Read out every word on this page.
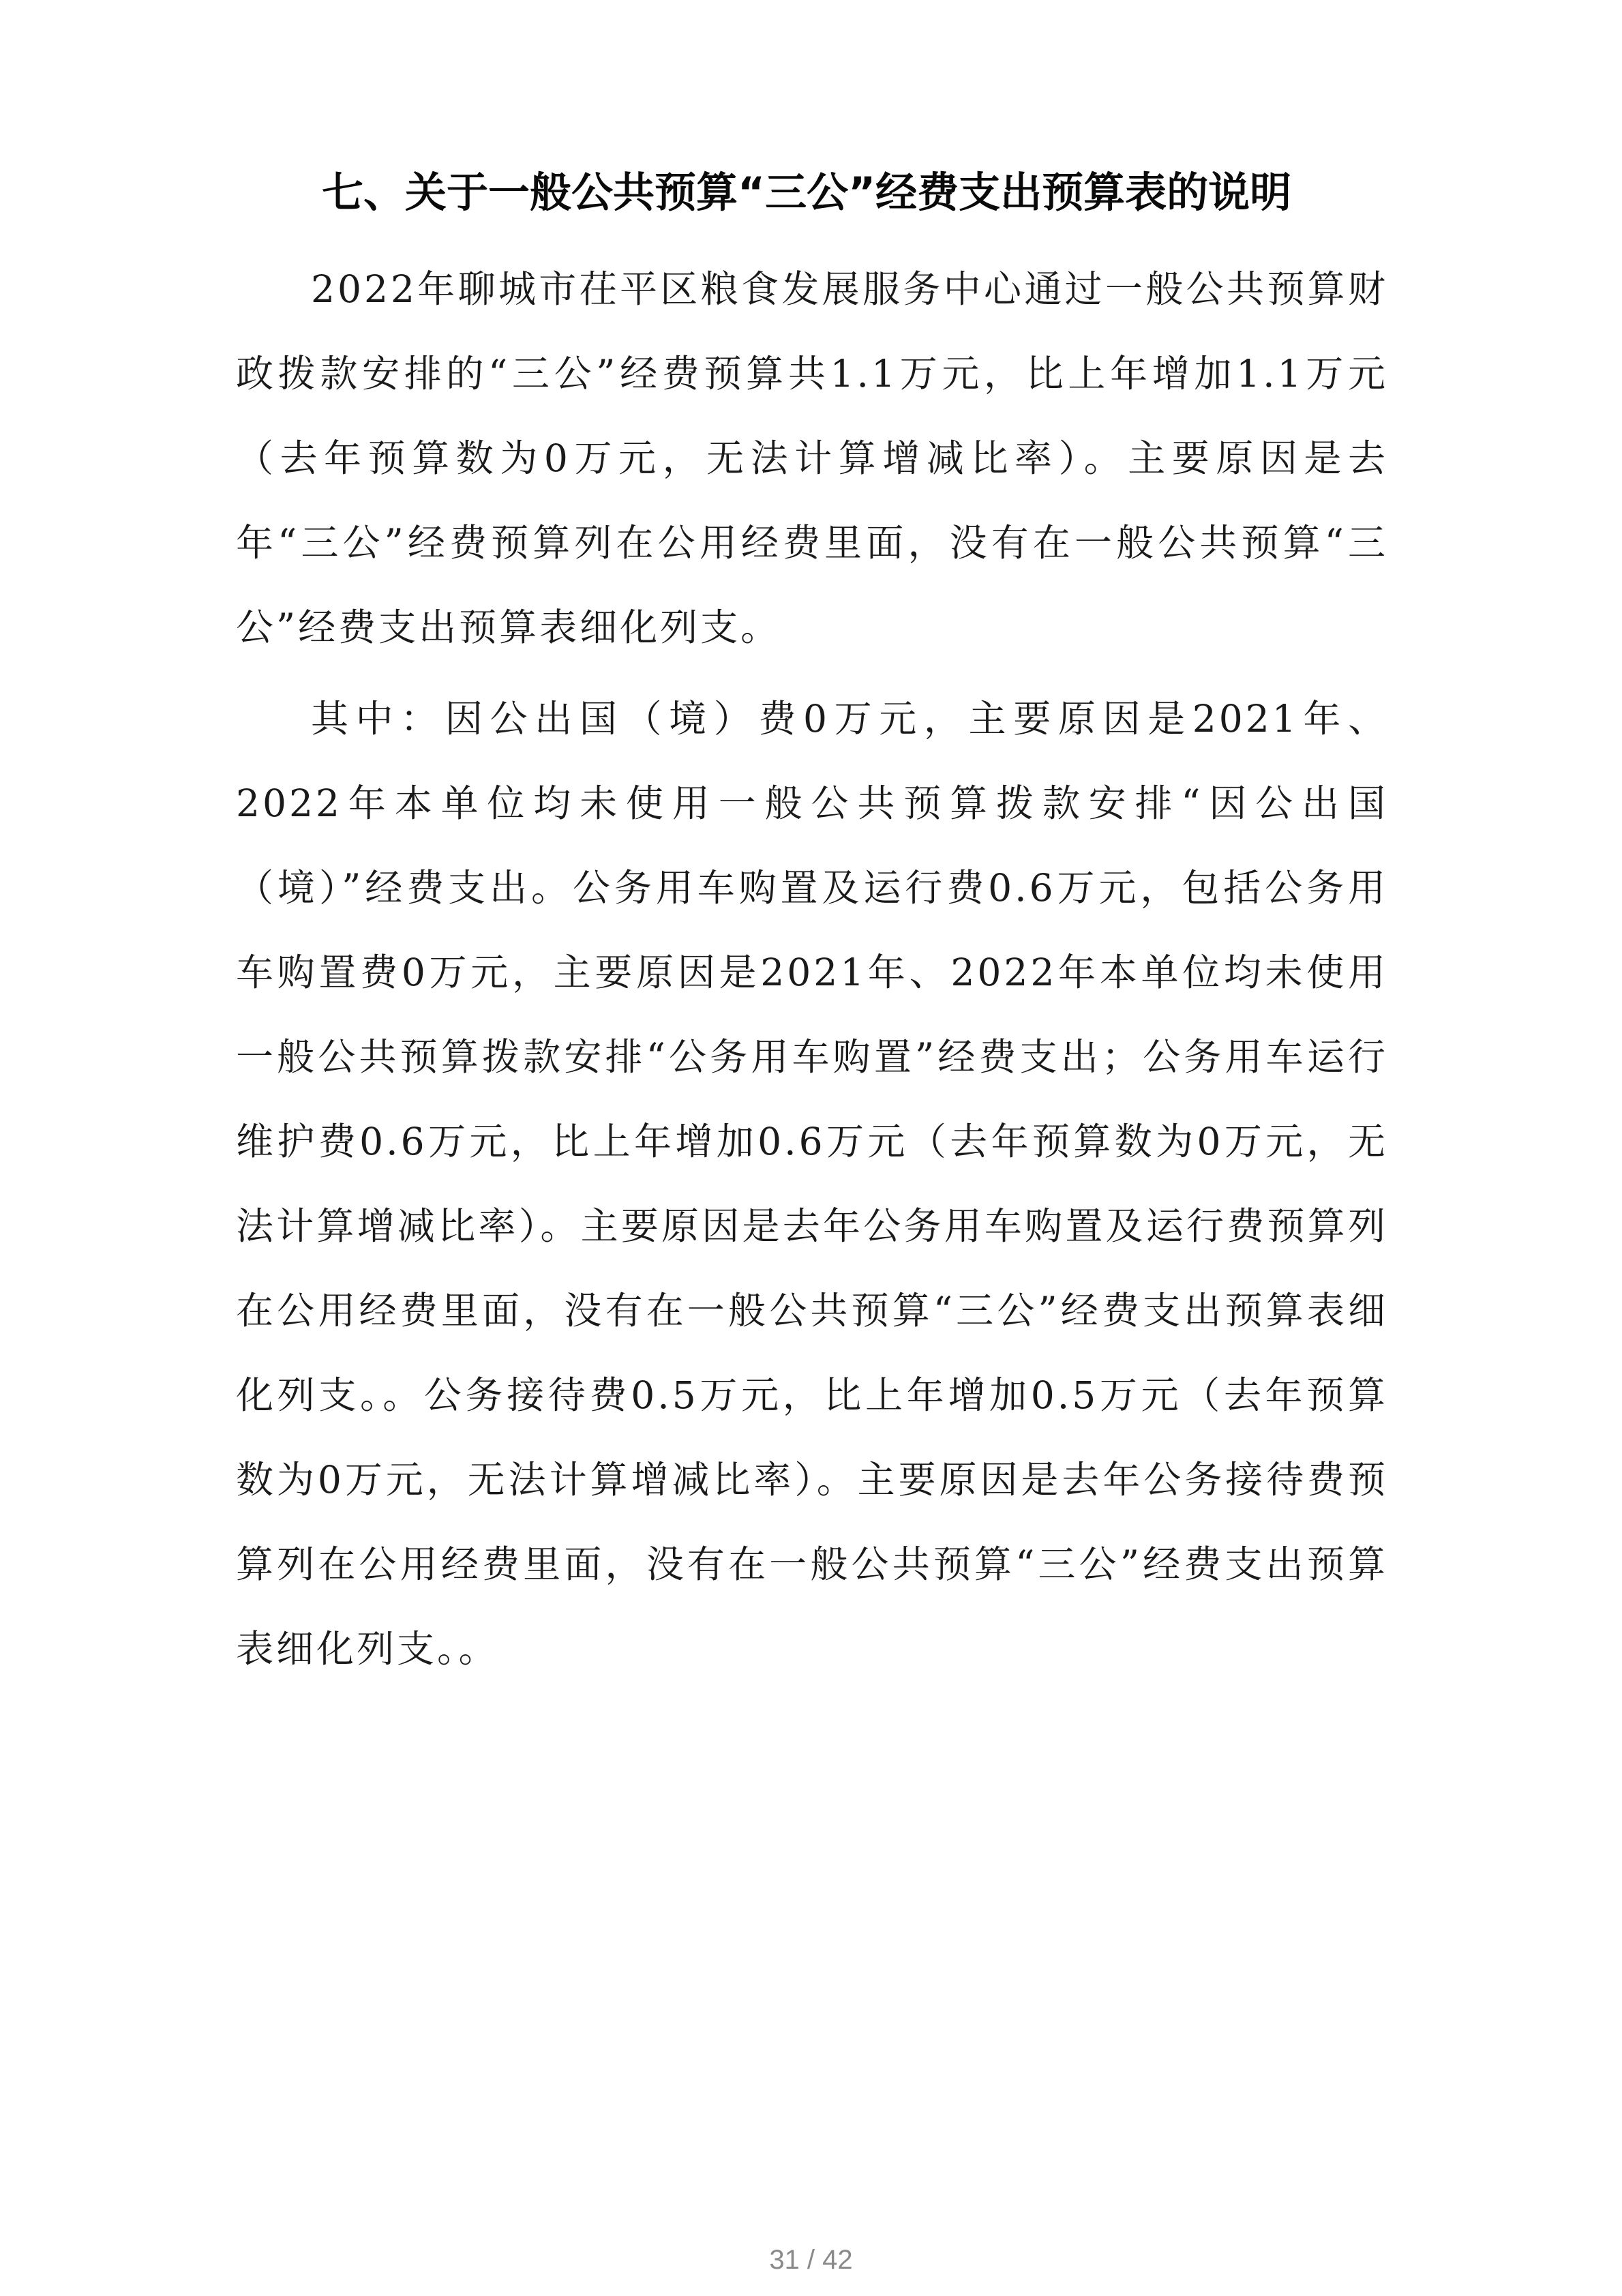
七、关于一般公共预算“三公”经费支出预算表的说明

2022年聊城市茌平区粮食发展服务中心通过一般公共预算财政拨款安排的“三公”经费预算共1.1万元，比上年增加1.1万元（去年预算数为0万元，无法计算增减比率）。主要原因是去年“三公”经费预算列在公用经费里面，没有在一般公共预算“三公”经费支出预算表细化列支。

其中：因公出国（境）费0万元，主要原因是2021年、2022年本单位均未使用一般公共预算拨款安排“因公出国（境）”经费支出。公务用车购置及运行费0.6万元，包括公务用车购置费0万元，主要原因是2021年、2022年本单位均未使用一般公共预算拨款安排“公务用车购置”经费支出；公务用车运行维护费0.6万元，比上年增加0.6万元（去年预算数为0万元，无法计算增减比率）。主要原因是去年公务用车购置及运行费预算列在公用经费里面，没有在一般公共预算“三公”经费支出预算表细化列支。。公务接待费0.5万元，比上年增加0.5万元（去年预算数为0万元，无法计算增减比率）。主要原因是去年公务接待费预算列在公用经费里面，没有在一般公共预算“三公”经费支出预算表细化列支。。

31 / 42
